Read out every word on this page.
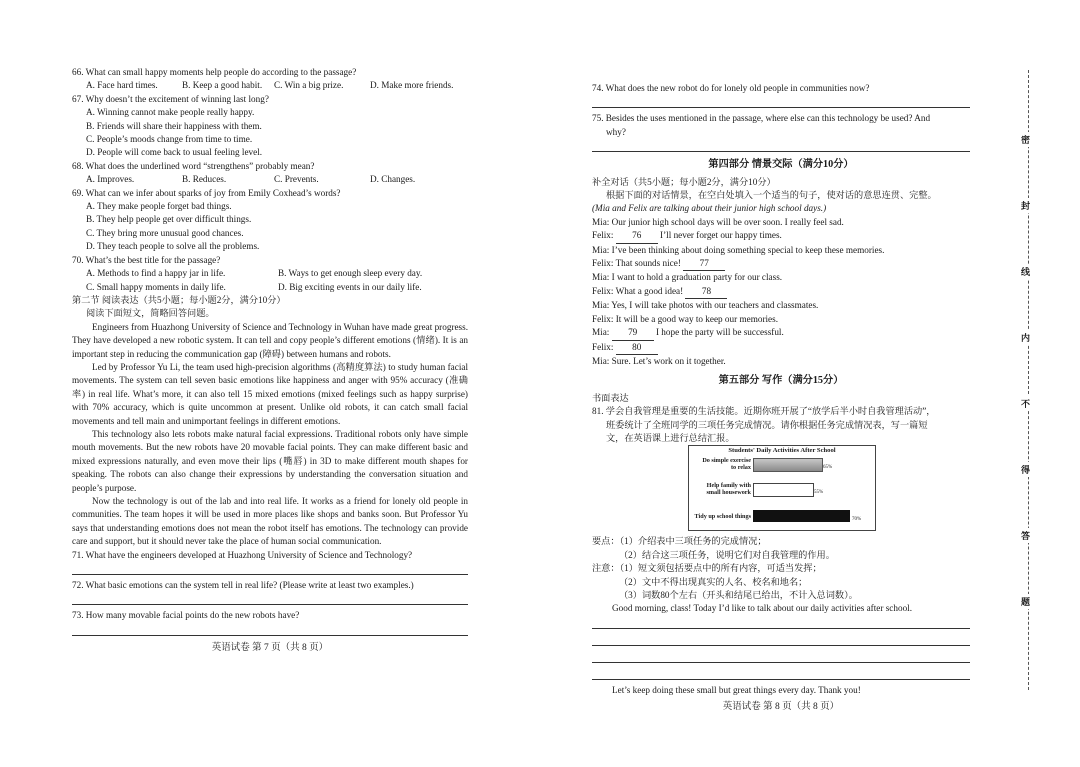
66. What can small happy moments help people do according to the passage?
A. Face hard times.	B. Keep a good habit.	C. Win a big prize.	D. Make more friends.
67. Why doesn’t the excitement of winning last long?
A. Winning cannot make people really happy.
B. Friends will share their happiness with them.
C. People’s moods change from time to time.
D. People will come back to usual feeling level.
68. What does the underlined word “strengthens” probably mean?
A. Improves.	B. Reduces.	C. Prevents.	D. Changes.
69. What can we infer about sparks of joy from Emily Coxhead’s words?
A. They make people forget bad things.
B. They help people get over difficult things.
C. They bring more unusual good chances.
D. They teach people to solve all the problems.
70. What’s the best title for the passage?
A. Methods to find a happy jar in life.	B. Ways to get enough sleep every day.
C. Small happy moments in daily life.	D. Big exciting events in our daily life.
第二节 阅读表达（共5小题；每小题2分，满分10分）
阅读下面短文，简略回答问题。
Engineers from Huazhong University of Science and Technology in Wuhan have made great progress. They have developed a new robotic system. It can tell and copy people’s different emotions (情绪). It is an important step in reducing the communication gap (障碍) between humans and robots.
Led by Professor Yu Li, the team used high-precision algorithms (高精度算法) to study human facial movements. The system can tell seven basic emotions like happiness and anger with 95% accuracy (准确率) in real life. What’s more, it can also tell 15 mixed emotions (mixed feelings such as happy surprise) with 70% accuracy, which is quite uncommon at present. Unlike old robots, it can catch small facial movements and tell main and unimportant feelings in different emotions.
This technology also lets robots make natural facial expressions. Traditional robots only have simple mouth movements. But the new robots have 20 movable facial points. They can make different basic and mixed expressions naturally, and even move their lips (嘴唇) in 3D to make different mouth shapes for speaking. The robots can also change their expressions by understanding the conversation situation and people’s purpose.
Now the technology is out of the lab and into real life. It works as a friend for lonely old people in communities. The team hopes it will be used in more places like shops and banks soon. But Professor Yu says that understanding emotions does not mean the robot itself has emotions. The technology can provide care and support, but it should never take the place of human social communication.
71. What have the engineers developed at Huazhong University of Science and Technology?
72. What basic emotions can the system tell in real life? (Please write at least two examples.)
73. How many movable facial points do the new robots have?
英语试卷 第 7 页（共 8 页）
74. What does the new robot do for lonely old people in communities now?
75. Besides the uses mentioned in the passage, where else can this technology be used? And
why?
第四部分 情景交际（满分10分）
补全对话（共5小题；每小题2分，满分10分）
根据下面的对话情景，在空白处填入一个适当的句子，使对话的意思连贯、完整。
(Mia and Felix are talking about their junior high school days.)
Mia: Our junior high school days will be over soon. I really feel sad.
Felix: 76 I’ll never forget our happy times.
Mia: I’ve been thinking about doing something special to keep these memories.
Felix: That sounds nice! 77
Mia: I want to hold a graduation party for our class.
Felix: What a good idea! 78
Mia: Yes, I will take photos with our teachers and classmates.
Felix: It will be a good way to keep our memories.
Mia: 79 I hope the party will be successful.
Felix: 80
Mia: Sure. Let’s work on it together.
第五部分 写作（满分15分）
书面表达
81. 学会自我管理是重要的生活技能。近期你班开展了“放学后半小时自我管理活动”，
班委统计了全班同学的三项任务完成情况。请你根据任务完成情况表，写一篇短
文，在英语课上进行总结汇报。
Students' Daily Activities After School
Do simple exercise
to relax	65%
Help family with
small housework	55%
Tidy up school things	70%
要点：（1）介绍表中三项任务的完成情况；
（2）结合这三项任务，说明它们对自我管理的作用。
注意：（1）短文须包括要点中的所有内容，可适当发挥；
（2）文中不得出现真实的人名、校名和地名；
（3）词数80个左右（开头和结尾已给出，不计入总词数）。
Good morning, class! Today I’d like to talk about our daily activities after school.
Let’s keep doing these small but great things every day. Thank you!
英语试卷 第 8 页（共 8 页）
密
封
线
内
不
得
答
题
